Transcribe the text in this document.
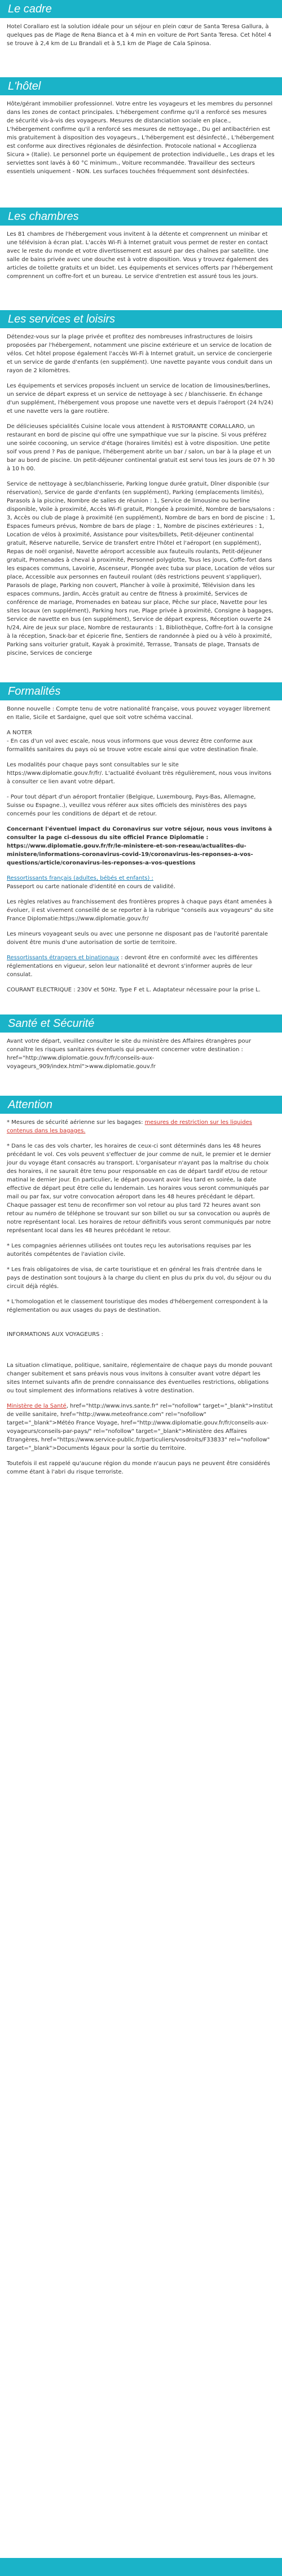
Le cadre

Hotel Corallaro est la solution idéale pour un séjour en plein cœur de Santa Teresa Gallura, à quelques pas de Plage de Rena Bianca et à 4 min en voiture de Port Santa Teresa. Cet hôtel 4 se trouve à 2,4 km de Lu Brandali et à 5,1 km de Plage de Cala Spinosa.

L'hôtel

Hôte/gérant immobilier professionnel. Votre entre les voyageurs et les membres du personnel dans les zones de contact principales. L'hébergement confirme qu'il a renforcé ses mesures de sécurité vis-à-vis des voyageurs. Mesures de distanciation sociale en place., L'hébergement confirme qu'il a renforcé ses mesures de nettoyage., Du gel antibactérien est mis gratuitement à disposition des voyageurs., L'hébergement est désinfecté., L'hébergement est conforme aux directives régionales de désinfection. Protocole national « Accoglienza Sicura » (Italie). Le personnel porte un équipement de protection individuelle., Les draps et les serviettes sont lavés à 60 °C minimum., Voiture recommandée. Travailleur des secteurs essentiels uniquement - NON. Les surfaces touchées fréquemment sont désinfectées.

Les chambres

Les 81 chambres de l'hébergement vous invitent à la détente et comprennent un minibar et une télévision à écran plat. L'accès Wi-Fi à Internet gratuit vous permet de rester en contact avec le reste du monde et votre divertissement est assuré par des chaînes par satellite. Une salle de bains privée avec une douche est à votre disposition. Vous y trouvez également des articles de toilette gratuits et un bidet. Les équipements et services offerts par l'hébergement comprennent un coffre-fort et un bureau. Le service d'entretien est assuré tous les jours.

Les services et loisirs

Détendez-vous sur la plage privée et profitez des nombreuses infrastructures de loisirs proposées par l'hébergement, notamment une piscine extérieure et un service de location de vélos. Cet hôtel propose également l'accès Wi-Fi à Internet gratuit, un service de conciergerie et un service de garde d'enfants (en supplément). Une navette payante vous conduit dans un rayon de 2 kilomètres.

Les équipements et services proposés incluent un service de location de limousines/berlines, un service de départ express et un service de nettoyage à sec / blanchisserie. En échange d'un supplément, l'hébergement vous propose une navette vers et depuis l'aéroport (24 h/24) et une navette vers la gare routière.

De délicieuses spécialités Cuisine locale vous attendent à RISTORANTE CORALLARO, un restaurant en bord de piscine qui offre une sympathique vue sur la piscine. Si vous préférez une soirée cocooning, un service d'étage (horaires limités) est à votre disposition. Une petite soif vous prend ? Pas de panique, l'hébergement abrite un bar / salon, un bar à la plage et un bar au bord de piscine. Un petit-déjeuner continental gratuit est servi tous les jours de 07 h 30 à 10 h 00.

Service de nettoyage à sec/blanchisserie, Parking longue durée gratuit, Dîner disponible (sur réservation), Service de garde d'enfants (en supplément), Parking (emplacements limités), Parasols à la piscine, Nombre de salles de réunion : 1, Service de limousine ou berline disponible, Voile à proximité, Accès Wi-Fi gratuit, Plongée à proximité, Nombre de bars/salons : 3, Accès ou club de plage à proximité (en supplément), Nombre de bars en bord de piscine : 1, Espaces fumeurs prévus, Nombre de bars de plage : 1, Nombre de piscines extérieures : 1, Location de vélos à proximité, Assistance pour visites/billets, Petit-déjeuner continental gratuit, Réserve naturelle, Service de transfert entre l'hôtel et l'aéroport (en supplément), Repas de noël organisé, Navette aéroport accessible aux fauteuils roulants, Petit-déjeuner gratuit, Promenades à cheval à proximité, Personnel polyglotte, Tous les jours, Coffe-fort dans les espaces communs, Lavoirie, Ascenseur, Plongée avec tuba sur place, Location de vélos sur place, Accessible aux personnes en fauteuil roulant (dès restrictions peuvent s'appliquer), Parasols de plage, Parking non couvert, Plancher à voile à proximité, Télévision dans les espaces communs, Jardin, Accès gratuit au centre de fitness à proximité, Services de conférence de mariage, Promenades en bateau sur place, Pêche sur place, Navette pour les sites locaux (en supplément), Parking hors rue, Plage privée à proximité, Consigne à bagages, Service de navette en bus (en supplément), Service de départ express, Réception ouverte 24 h/24, Aire de jeux sur place, Nombre de restaurants : 1, Bibliothèque, Coffre-fort à la consigne à la réception, Snack-bar et épicerie fine, Sentiers de randonnée à pied ou à vélo à proximité, Parking sans voiturier gratuit, Kayak à proximité, Terrasse, Transats de plage, Transats de piscine, Services de concierge

Formalités

Bonne nouvelle : Compte tenu de votre nationalité française, vous pouvez voyager librement en Italie, Sicile et Sardaigne, quel que soit votre schéma vaccinal.

A NOTER

- En cas d'un vol avec escale, nous vous informons que vous devrez être conforme aux formalités sanitaires du pays où se trouve votre escale ainsi que votre destination finale.

Les modalités pour chaque pays sont consultables sur le site https://www.diplomatie.gouv.fr/fr/. L'actualité évoluant très régulièrement, nous vous invitons à consulter ce lien avant votre départ.

- Pour tout départ d'un aéroport frontalier (Belgique, Luxembourg, Pays-Bas, Allemagne, Suisse ou Espagne..), veuillez vous référer aux sites officiels des ministères des pays concernés pour les conditions de départ et de retour.

Concernant l'éventuel impact du Coronavirus sur votre séjour, nous vous invitons à consulter la page ci-dessous du site officiel France Diplomatie : https://www.diplomatie.gouv.fr/fr/le-ministere-et-son-reseau/actualites-du-ministere/informations-coronavirus-covid-19/coronavirus-les-reponses-a-vos-questions/article/coronavirus-les-reponses-a-vos-questions

Ressortissants français (adultes, bébés et enfants) :

Passeport ou carte nationale d'identité en cours de validité.

Les règles relatives au franchissement des frontières propres à chaque pays étant amenées à évoluer, il est vivement conseillé de se reporter à la rubrique "conseils aux voyageurs" du site France Diplomatie:https://www.diplomatie.gouv.fr/

Les mineurs voyageant seuls ou avec une personne ne disposant pas de l'autorité parentale doivent être munis d'une autorisation de sortie de territoire.

Ressortissants étrangers et binationaux : devront être en conformité avec les différentes réglementations en vigueur, selon leur nationalité et devront s'informer auprès de leur consulat.

COURANT ELECTRIQUE : 230V et 50Hz. Type F et L. Adaptateur nécessaire pour la prise L.

Santé et Sécurité

Avant votre départ, veuillez consulter le site du ministère des Affaires étrangères pour connaître les risques sanitaires éventuels qui peuvent concerner votre destination : href="http://www.diplomatie.gouv.fr/fr/conseils-aux-voyageurs_909/index.html">www.diplomatie.gouv.fr

Attention

* Mesures de sécurité aérienne sur les bagages: mesures de restriction sur les liquides contenus dans les bagages.

* Dans le cas des vols charter, les horaires de ceux-ci sont déterminés dans les 48 heures précédant le vol. Ces vols peuvent s'effectuer de jour comme de nuit, le premier et le dernier jour du voyage étant consacrés au transport. L'organisateur n'ayant pas la maîtrise du choix des horaires, il ne saurait être tenu pour responsable en cas de départ tardif et/ou de retour matinal le dernier jour. En particulier, le départ pouvant avoir lieu tard en soirée, la date effective de départ peut être celle du lendemain. Les horaires vous seront communiqués par mail ou par fax, sur votre convocation aéroport dans les 48 heures précédant le départ. Chaque passager est tenu de reconfirmer son vol retour au plus tard 72 heures avant son retour au numéro de téléphone se trouvant sur son billet ou sur sa convocation ou auprès de notre représentant local. Les horaires de retour définitifs vous seront communiqués par notre représentant local dans les 48 heures précédant le retour.

* Les compagnies aériennes utilisées ont toutes reçu les autorisations requises par les autorités compétentes de l'aviation civile.

* Les frais obligatoires de visa, de carte touristique et en général les frais d'entrée dans le pays de destination sont toujours à la charge du client en plus du prix du vol, du séjour ou du circuit déjà réglés.

* L'homologation et le classement touristique des modes d'hébergement correspondent à la réglementation ou aux usages du pays de destination.

INFORMATIONS AUX VOYAGEURS :

La situation climatique, politique, sanitaire, réglementaire de chaque pays du monde pouvant changer subitement et sans préavis nous vous invitons à consulter avant votre départ les sites Internet suivants afin de prendre connaissance des éventuelles restrictions, obligations ou tout simplement des informations relatives à votre destination.

Ministère de la Santé, href="http://www.invs.sante.fr" rel="nofollow" target="_blank">Institut de veille sanitaire, href="http://www.meteofrance.com" rel="nofollow" target="_blank">Météo France Voyage, href="http://www.diplomatie.gouv.fr/fr/conseils-aux-voyageurs/conseils-par-pays/" rel="nofollow" target="_blank">Ministère des Affaires Étrangères, href="https://www.service-public.fr/particuliers/vosdroits/F33833" rel="nofollow" target="_blank">Documents légaux pour la sortie du territoire.

Toutefois il est rappelé qu'aucune région du monde n'aucun pays ne peuvent être considérés comme étant à l'abri du risque terroriste.
